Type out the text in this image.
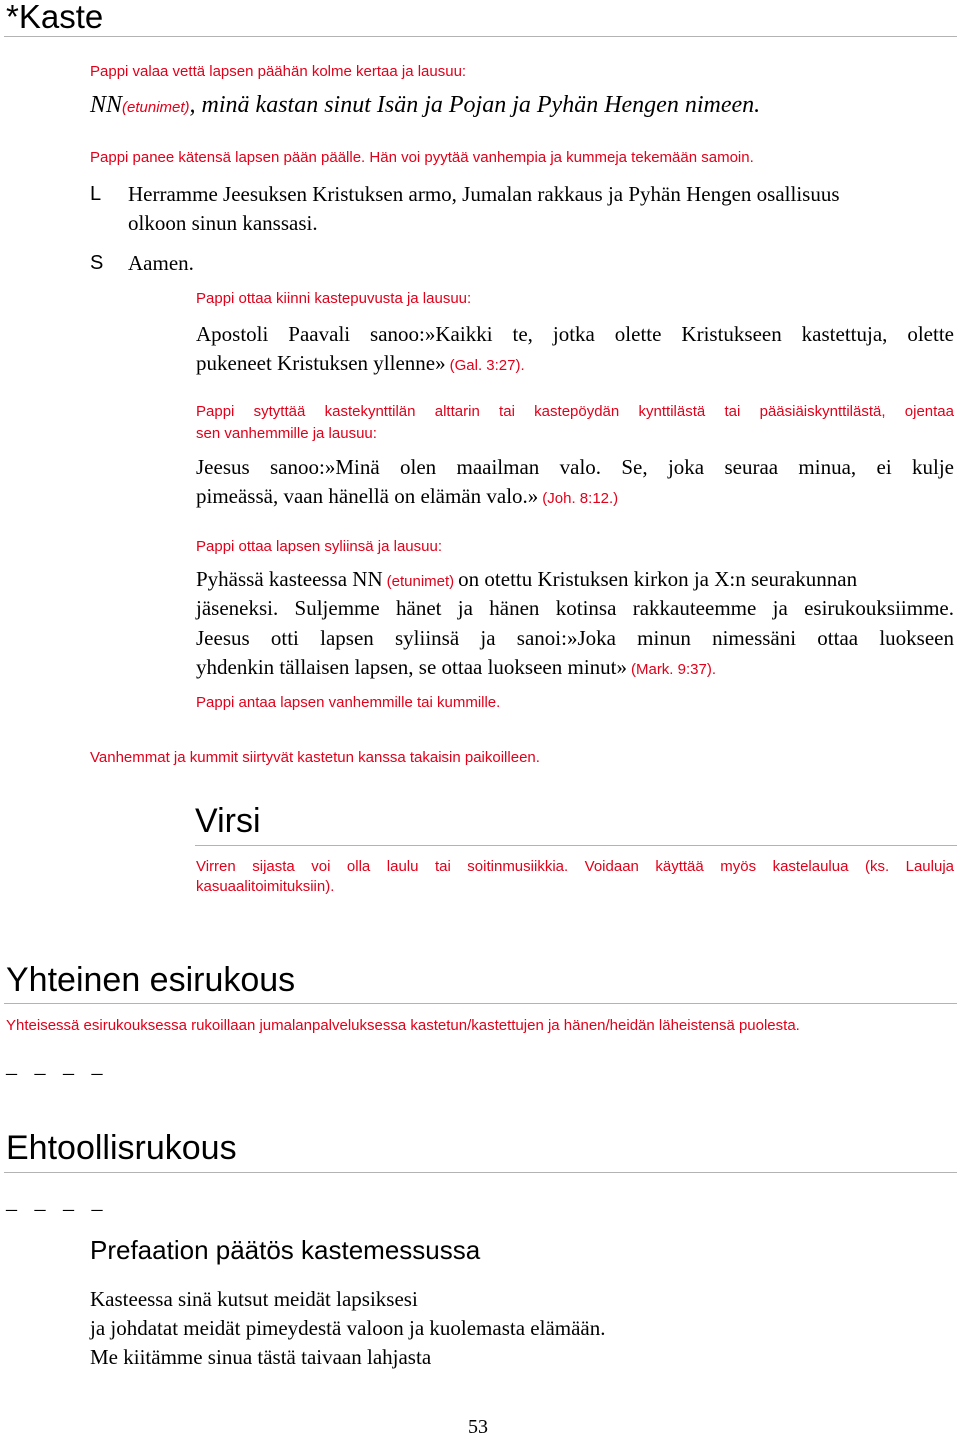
*Kaste
Pappi valaa vettä lapsen päähän kolme kertaa ja lausuu:
NN(etunimet), minä kastan sinut Isän ja Pojan ja Pyhän Hengen nimeen.
Pappi panee kätensä lapsen pään päälle. Hän voi pyytää vanhempia ja kummeja tekemään samoin.
L Herramme Jeesuksen Kristuksen armo, Jumalan rakkaus ja Pyhän Hengen osallisuus
olkoon sinun kanssasi.
S Aamen.
Pappi ottaa kiinni kastepuvusta ja lausuu:
Apostoli Paavali sanoo:»Kaikki te, jotka olette Kristukseen kastettuja, olette
pukeneet Kristuksen yllenne» (Gal. 3:27).
Pappi sytyttää kastekynttilän alttarin tai kastepöydän kynttilästä tai pääsiäiskynttilästä, ojentaa
sen vanhemmille ja lausuu:
Jeesus sanoo:»Minä olen maailman valo. Se, joka seuraa minua, ei kulje
pimeässä, vaan hänellä on elämän valo.» (Joh. 8:12.)
Pappi ottaa lapsen syliinsä ja lausuu:
Pyhässä kasteessa NN (etunimet) on otettu Kristuksen kirkon ja X:n seurakunnan
jäseneksi. Suljemme hänet ja hänen kotinsa rakkauteemme ja esirukouksiimme.
Jeesus otti lapsen syliinsä ja sanoi:»Joka minun nimessäni ottaa luokseen
yhdenkin tällaisen lapsen, se ottaa luokseen minut» (Mark. 9:37).
Pappi antaa lapsen vanhemmille tai kummille.
Vanhemmat ja kummit siirtyvät kastetun kanssa takaisin paikoilleen.
Virsi
Virren sijasta voi olla laulu tai soitinmusiikkia. Voidaan käyttää myös kastelaulua (ks. Lauluja
kasuaalitoimituksiin).
Yhteinen esirukous
Yhteisessä esirukouksessa rukoillaan jumalanpalveluksessa kastetun/kastettujen ja hänen/heidän läheistensä puolesta.
_ _ _ _
Ehtoollisrukous
_ _ _ _
Prefaation päätös kastemessussa
Kasteessa sinä kutsut meidät lapsiksesi
ja johdatat meidät pimeydestä valoon ja kuolemasta elämään.
Me kiitämme sinua tästä taivaan lahjasta
53
